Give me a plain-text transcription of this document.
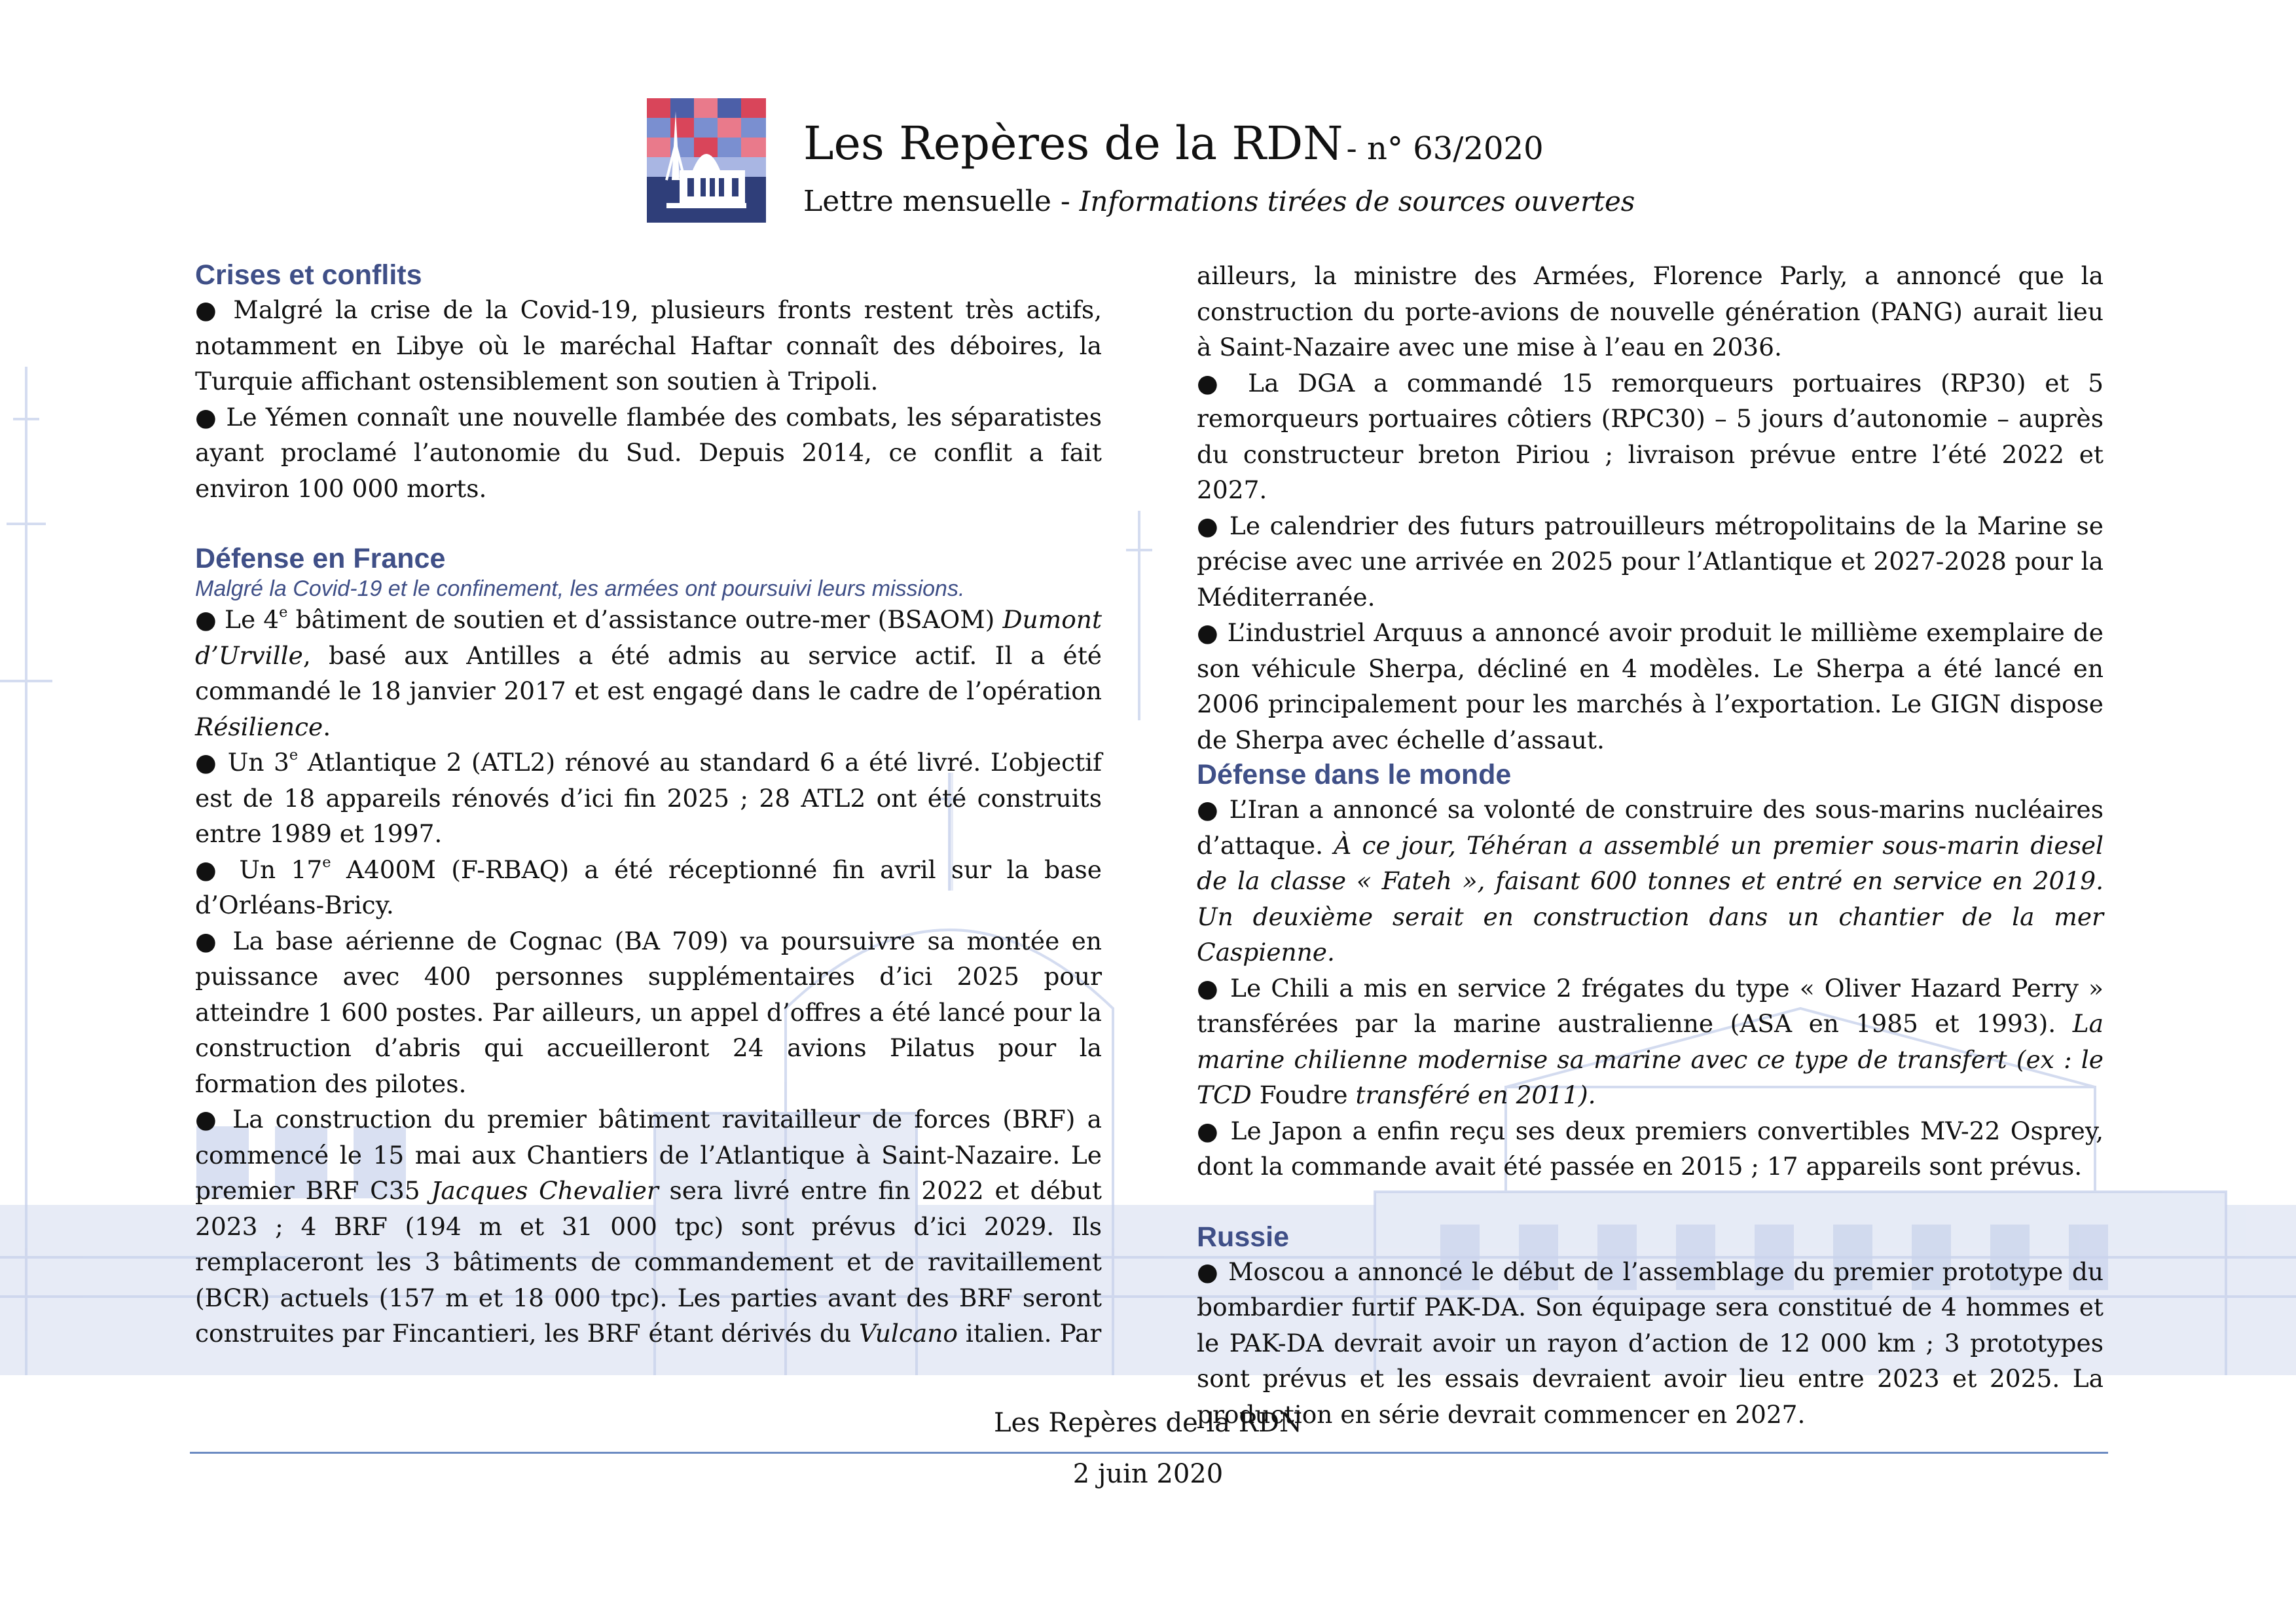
Les Repères de la RDN - n° 63/2020
Lettre mensuelle - Informations tirées de sources ouvertes
Crises et conflits

● Malgré la crise de la Covid-19, plusieurs fronts restent très actifs, notamment en Libye où le maréchal Haftar connaît des déboires, la Turquie affichant ostensiblement son soutien à Tripoli.

● Le Yémen connaît une nouvelle flambée des combats, les séparatistes ayant proclamé l’autonomie du Sud. Depuis 2014, ce conflit a fait environ 100 000 morts.

Défense en France

Malgré la Covid-19 et le confinement, les armées ont poursuivi leurs missions.

● Le 4e bâtiment de soutien et d’assistance outre-mer (BSAOM) Dumont d’Urville, basé aux Antilles a été admis au service actif. Il a été commandé le 18 janvier 2017 et est engagé dans le cadre de l’opération Résilience.

● Un 3e Atlantique 2 (ATL2) rénové au standard 6 a été livré. L’objectif est de 18 appareils rénovés d’ici fin 2025 ; 28 ATL2 ont été construits entre 1989 et 1997.

● Un 17e A400M (F-RBAQ) a été réceptionné fin avril sur la base d’Orléans-Bricy.

● La base aérienne de Cognac (BA 709) va poursuivre sa montée en puissance avec 400 personnes supplémentaires d’ici 2025 pour atteindre 1 600 postes. Par ailleurs, un appel d’offres a été lancé pour la construction d’abris qui accueilleront 24 avions Pilatus pour la formation des pilotes.

● La construction du premier bâtiment ravitailleur de forces (BRF) a commencé le 15 mai aux Chantiers de l’Atlantique à Saint-Nazaire. Le premier BRF C35 Jacques Chevalier sera livré entre fin 2022 et début 2023 ; 4 BRF (194 m et 31 000 tpc) sont prévus d’ici 2029. Ils remplaceront les 3 bâtiments de commandement et de ravitaillement (BCR) actuels (157 m et 18 000 tpc). Les parties avant des BRF seront construites par Fincantieri, les BRF étant dérivés du Vulcano italien. Par

ailleurs, la ministre des Armées, Florence Parly, a annoncé que la construction du porte-avions de nouvelle génération (PANG) aurait lieu à Saint-Nazaire avec une mise à l’eau en 2036.

● La DGA a commandé 15 remorqueurs portuaires (RP30) et 5 remorqueurs portuaires côtiers (RPC30) – 5 jours d’autonomie – auprès du constructeur breton Piriou ; livraison prévue entre l’été 2022 et 2027.

● Le calendrier des futurs patrouilleurs métropolitains de la Marine se précise avec une arrivée en 2025 pour l’Atlantique et 2027-2028 pour la Méditerranée.

● L’industriel Arquus a annoncé avoir produit le millième exemplaire de son véhicule Sherpa, décliné en 4 modèles. Le Sherpa a été lancé en 2006 principalement pour les marchés à l’exportation. Le GIGN dispose de Sherpa avec échelle d’assaut.

Défense dans le monde

● L’Iran a annoncé sa volonté de construire des sous-marins nucléaires d’attaque. À ce jour, Téhéran a assemblé un premier sous-marin diesel de la classe « Fateh », faisant 600 tonnes et entré en service en 2019. Un deuxième serait en construction dans un chantier de la mer Caspienne.

● Le Chili a mis en service 2 frégates du type « Oliver Hazard Perry » transférées par la marine australienne (ASA en 1985 et 1993). La marine chilienne modernise sa marine avec ce type de transfert (ex : le TCD Foudre transféré en 2011).

● Le Japon a enfin reçu ses deux premiers convertibles MV-22 Osprey, dont la commande avait été passée en 2015 ; 17 appareils sont prévus.

Russie

● Moscou a annoncé le début de l’assemblage du premier prototype du bombardier furtif PAK-DA. Son équipage sera constitué de 4 hommes et le PAK-DA devrait avoir un rayon d’action de 12 000 km ; 3 prototypes sont prévus et les essais devraient avoir lieu entre 2023 et 2025. La production en série devrait commencer en 2027.

Les Repères de la RDN
2 juin 2020
